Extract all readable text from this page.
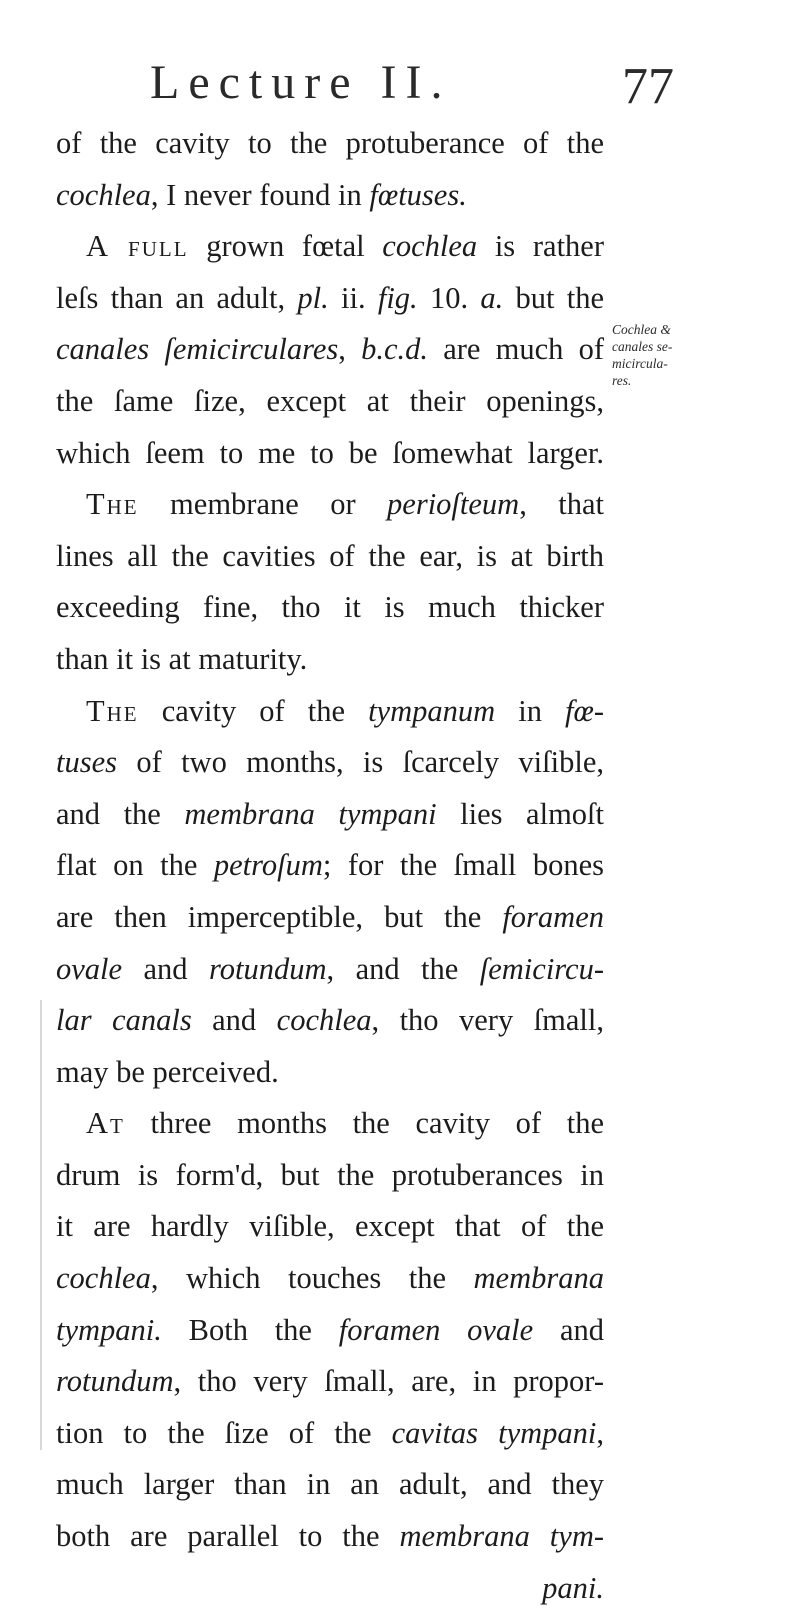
Lecture II.	77
Cochlea &
canales se-
micircula-
res.
of the cavity to the protuberance of the
cochlea, I never found in fœtuses.
A full grown fœtal cochlea is rather
leſs than an adult, pl. ii. fig. 10. a. but the
canales ſemicirculares, b.c.d. are much of
the ſame ſize, except at their openings,
which ſeem to me to be ſomewhat larger.
The membrane or perioſteum, that
lines all the cavities of the ear, is at birth
exceeding fine, tho it is much thicker
than it is at maturity.
The cavity of the tympanum in fœ-
tuses of two months, is ſcarcely viſible,
and the membrana tympani lies almoſt
flat on the petroſum; for the ſmall bones
are then imperceptible, but the foramen
ovale and rotundum, and the ſemicircu-
lar canals and cochlea, tho very ſmall,
may be perceived.
At three months the cavity of the
drum is form'd, but the protuberances in
it are hardly viſible, except that of the
cochlea, which touches the membrana
tympani. Both the foramen ovale and
rotundum, tho very ſmall, are, in propor-
tion to the ſize of the cavitas tympani,
much larger than in an adult, and they
both are parallel to the membrana tym-
pani.
